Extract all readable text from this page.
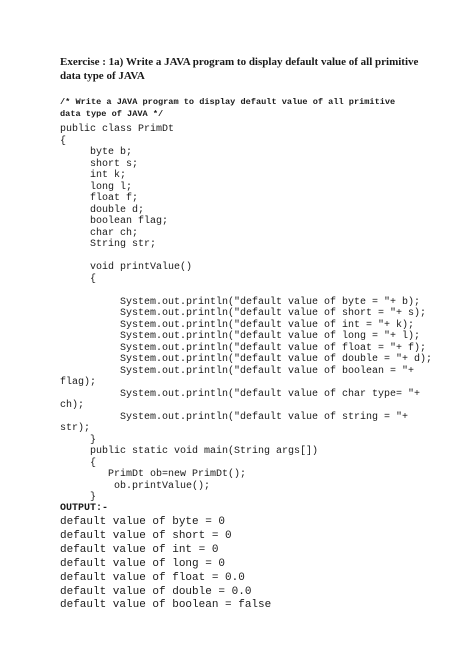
Exercise : 1a) Write a JAVA program to display default value of all primitive data type of JAVA

/* Write a JAVA program to display default value of all primitive data type of JAVA */

public class PrimDt
{
byte b;
short s;
int k;
long l;
float f;
double d;
boolean flag;
char ch;
String str;

void printValue()
{

System.out.println("default value of byte = "+ b);
System.out.println("default value of short = "+ s);
System.out.println("default value of int = "+ k);
System.out.println("default value of long = "+ l);
System.out.println("default value of float = "+ f);
System.out.println("default value of double = "+ d);
System.out.println("default value of boolean = "+
flag);
System.out.println("default value of char type= "+
ch);
System.out.println("default value of string = "+
str);
}
public static void main(String args[])
{
PrimDt ob=new PrimDt();
ob.printValue();
}

OUTPUT:-

default value of byte = 0
default value of short = 0
default value of int = 0
default value of long = 0
default value of float = 0.0
default value of double = 0.0
default value of boolean = false
